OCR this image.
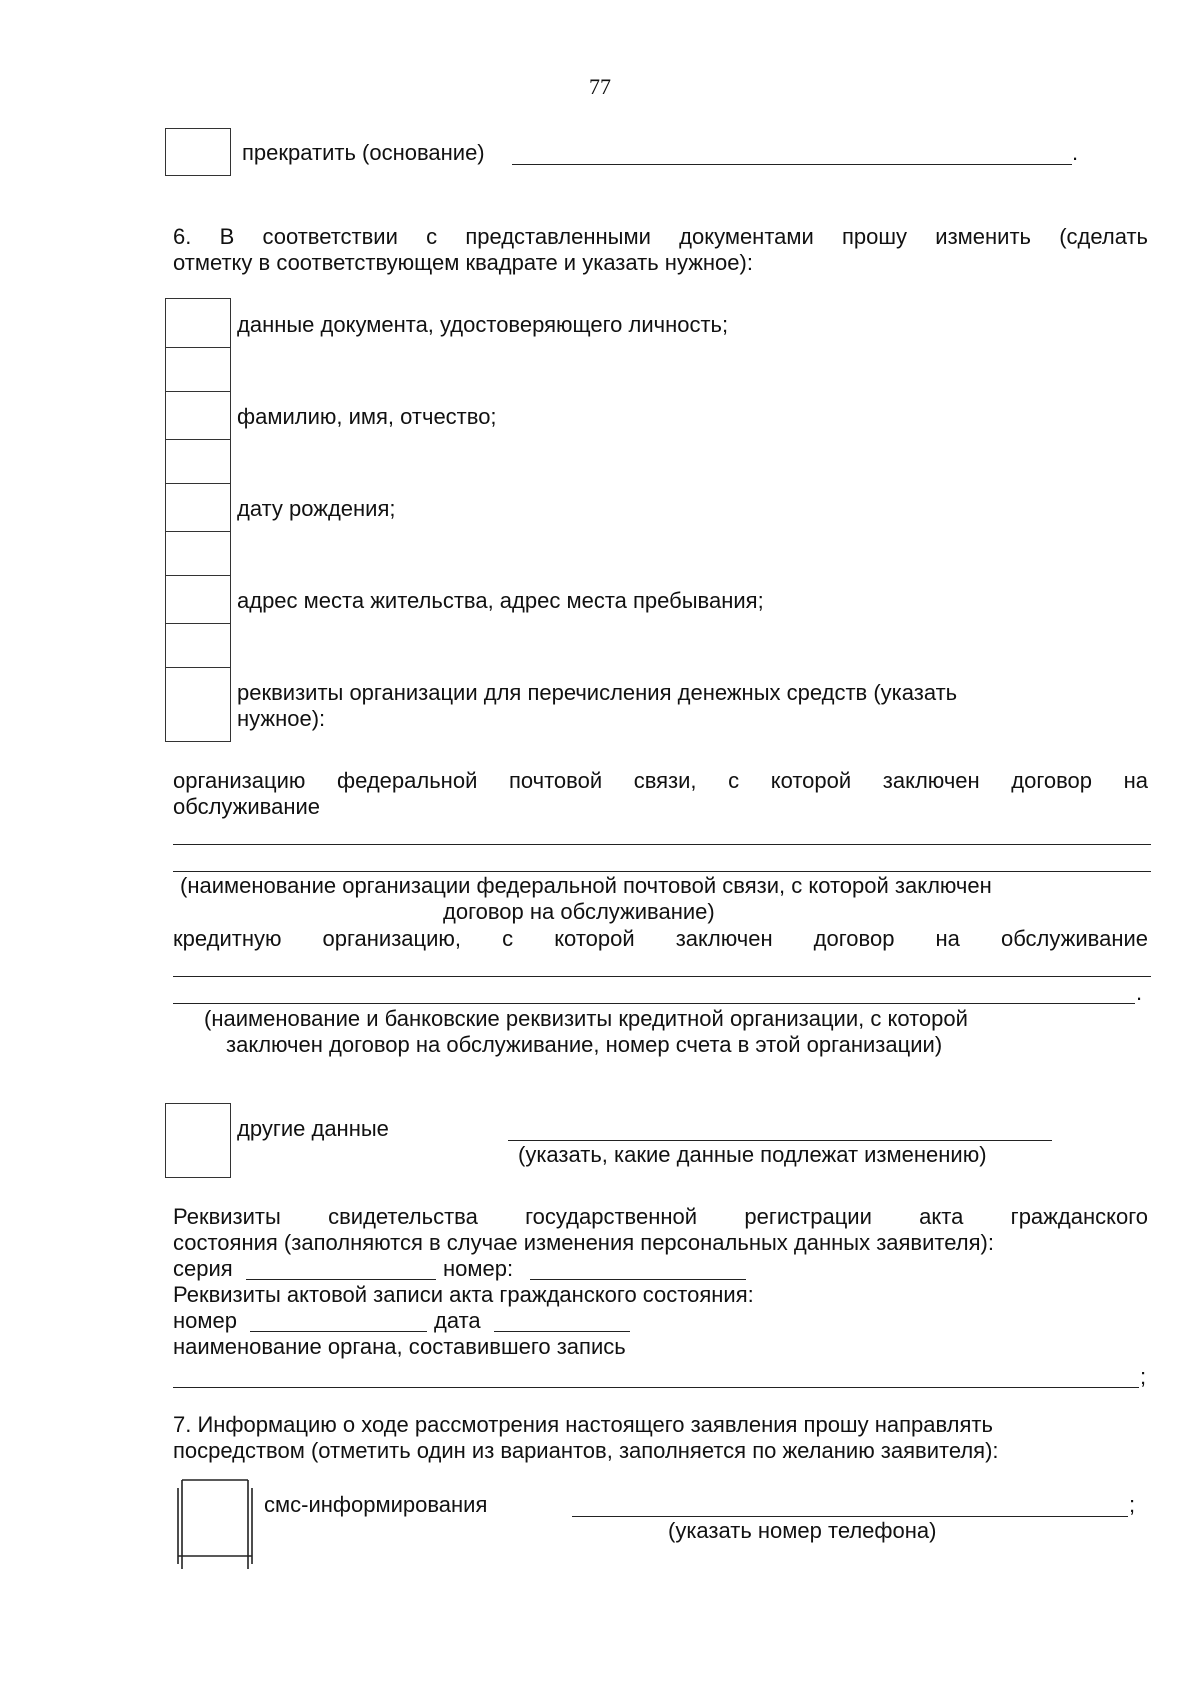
77
прекратить (основание)	.
6. В соответствии с представленными документами прошу изменить (сделать
отметку в соответствующем квадрате и указать нужное):
данные документа, удостоверяющего личность;
фамилию, имя, отчество;
дату рождения;
адрес места жительства, адрес места пребывания;
реквизиты организации для перечисления денежных средств (указать
нужное):
организацию федеральной почтовой связи, с которой заключен договор на
обслуживание
(наименование организации федеральной почтовой связи, с которой заключен
договор на обслуживание)
кредитную организацию, с которой заключен договор на обслуживание
.
(наименование и банковские реквизиты кредитной организации, с которой
заключен договор на обслуживание, номер счета в этой организации)
другие данные
(указать, какие данные подлежат изменению)
Реквизиты свидетельства государственной регистрации акта гражданского
состояния (заполняются в случае изменения персональных данных заявителя):
серия	номер:
Реквизиты актовой записи акта гражданского состояния:
номер	дата
наименование органа, составившего запись
;
7. Информацию о ходе рассмотрения настоящего заявления прошу направлять
посредством (отметить один из вариантов, заполняется по желанию заявителя):
смс-информирования	;
(указать номер телефона)
